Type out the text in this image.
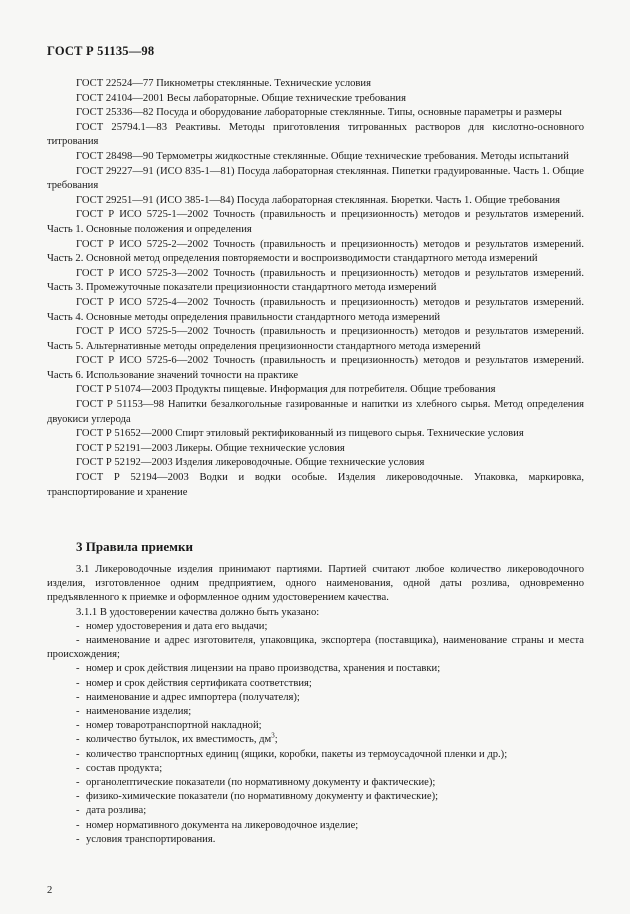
ГОСТ Р 51135—98

ГОСТ 22524—77 Пикнометры стеклянные. Технические условия

ГОСТ 24104—2001 Весы лабораторные. Общие технические требования

ГОСТ 25336—82 Посуда и оборудование лабораторные стеклянные. Типы, основные параметры и размеры

ГОСТ 25794.1—83 Реактивы. Методы приготовления титрованных растворов для кислотно-основного титрования

ГОСТ 28498—90 Термометры жидкостные стеклянные. Общие технические требования. Методы испытаний

ГОСТ 29227—91 (ИСО 835-1—81) Посуда лабораторная стеклянная. Пипетки градуированные. Часть 1. Общие требования

ГОСТ 29251—91 (ИСО 385-1—84) Посуда лабораторная стеклянная. Бюретки. Часть 1. Общие требования

ГОСТ Р ИСО 5725-1—2002 Точность (правильность и прецизионность) методов и результатов измерений. Часть 1. Основные положения и определения

ГОСТ Р ИСО 5725-2—2002 Точность (правильность и прецизионность) методов и результатов измерений. Часть 2. Основной метод определения повторяемости и воспроизводимости стандартного метода измерений

ГОСТ Р ИСО 5725-3—2002 Точность (правильность и прецизионность) методов и результатов измерений. Часть 3. Промежуточные показатели прецизионности стандартного метода измерений

ГОСТ Р ИСО 5725-4—2002 Точность (правильность и прецизионность) методов и результатов измерений. Часть 4. Основные методы определения правильности стандартного метода измерений

ГОСТ Р ИСО 5725-5—2002 Точность (правильность и прецизионность) методов и результатов измерений. Часть 5. Альтернативные методы определения прецизионности стандартного метода измерений

ГОСТ Р ИСО 5725-6—2002 Точность (правильность и прецизионность) методов и результатов измерений. Часть 6. Использование значений точности на практике

ГОСТ Р 51074—2003 Продукты пищевые. Информация для потребителя. Общие требования

ГОСТ Р 51153—98 Напитки безалкогольные газированные и напитки из хлебного сырья. Метод определения двуокиси углерода

ГОСТ Р 51652—2000 Спирт этиловый ректификованный из пищевого сырья. Технические условия

ГОСТ Р 52191—2003 Ликеры. Общие технические условия

ГОСТ Р 52192—2003 Изделия ликероводочные. Общие технические условия

ГОСТ Р 52194—2003 Водки и водки особые. Изделия ликероводочные. Упаковка, маркировка, транспортирование и хранение

3 Правила приемки

3.1 Ликероводочные изделия принимают партиями. Партией считают любое количество ликероводочного изделия, изготовленное одним предприятием, одного наименования, одной даты розлива, одновременно предъявленного к приемке и оформленное одним удостоверением качества.

3.1.1 В удостоверении качества должно быть указано:

- номер удостоверения и дата его выдачи;
- наименование и адрес изготовителя, упаковщика, экспортера (поставщика), наименование страны и места происхождения;
- номер и срок действия лицензии на право производства, хранения и поставки;
- номер и срок действия сертификата соответствия;
- наименование и адрес импортера (получателя);
- наименование изделия;
- номер товаротранспортной накладной;
- количество бутылок, их вместимость, $дм^3$;
- количество транспортных единиц (ящики, коробки, пакеты из термоусадочной пленки и др.);
- состав продукта;
- органолептические показатели (по нормативному документу и фактические);
- физико-химические показатели (по нормативному документу и фактические);
- дата розлива;
- номер нормативного документа на ликероводочное изделие;
- условия транспортирования.
2
